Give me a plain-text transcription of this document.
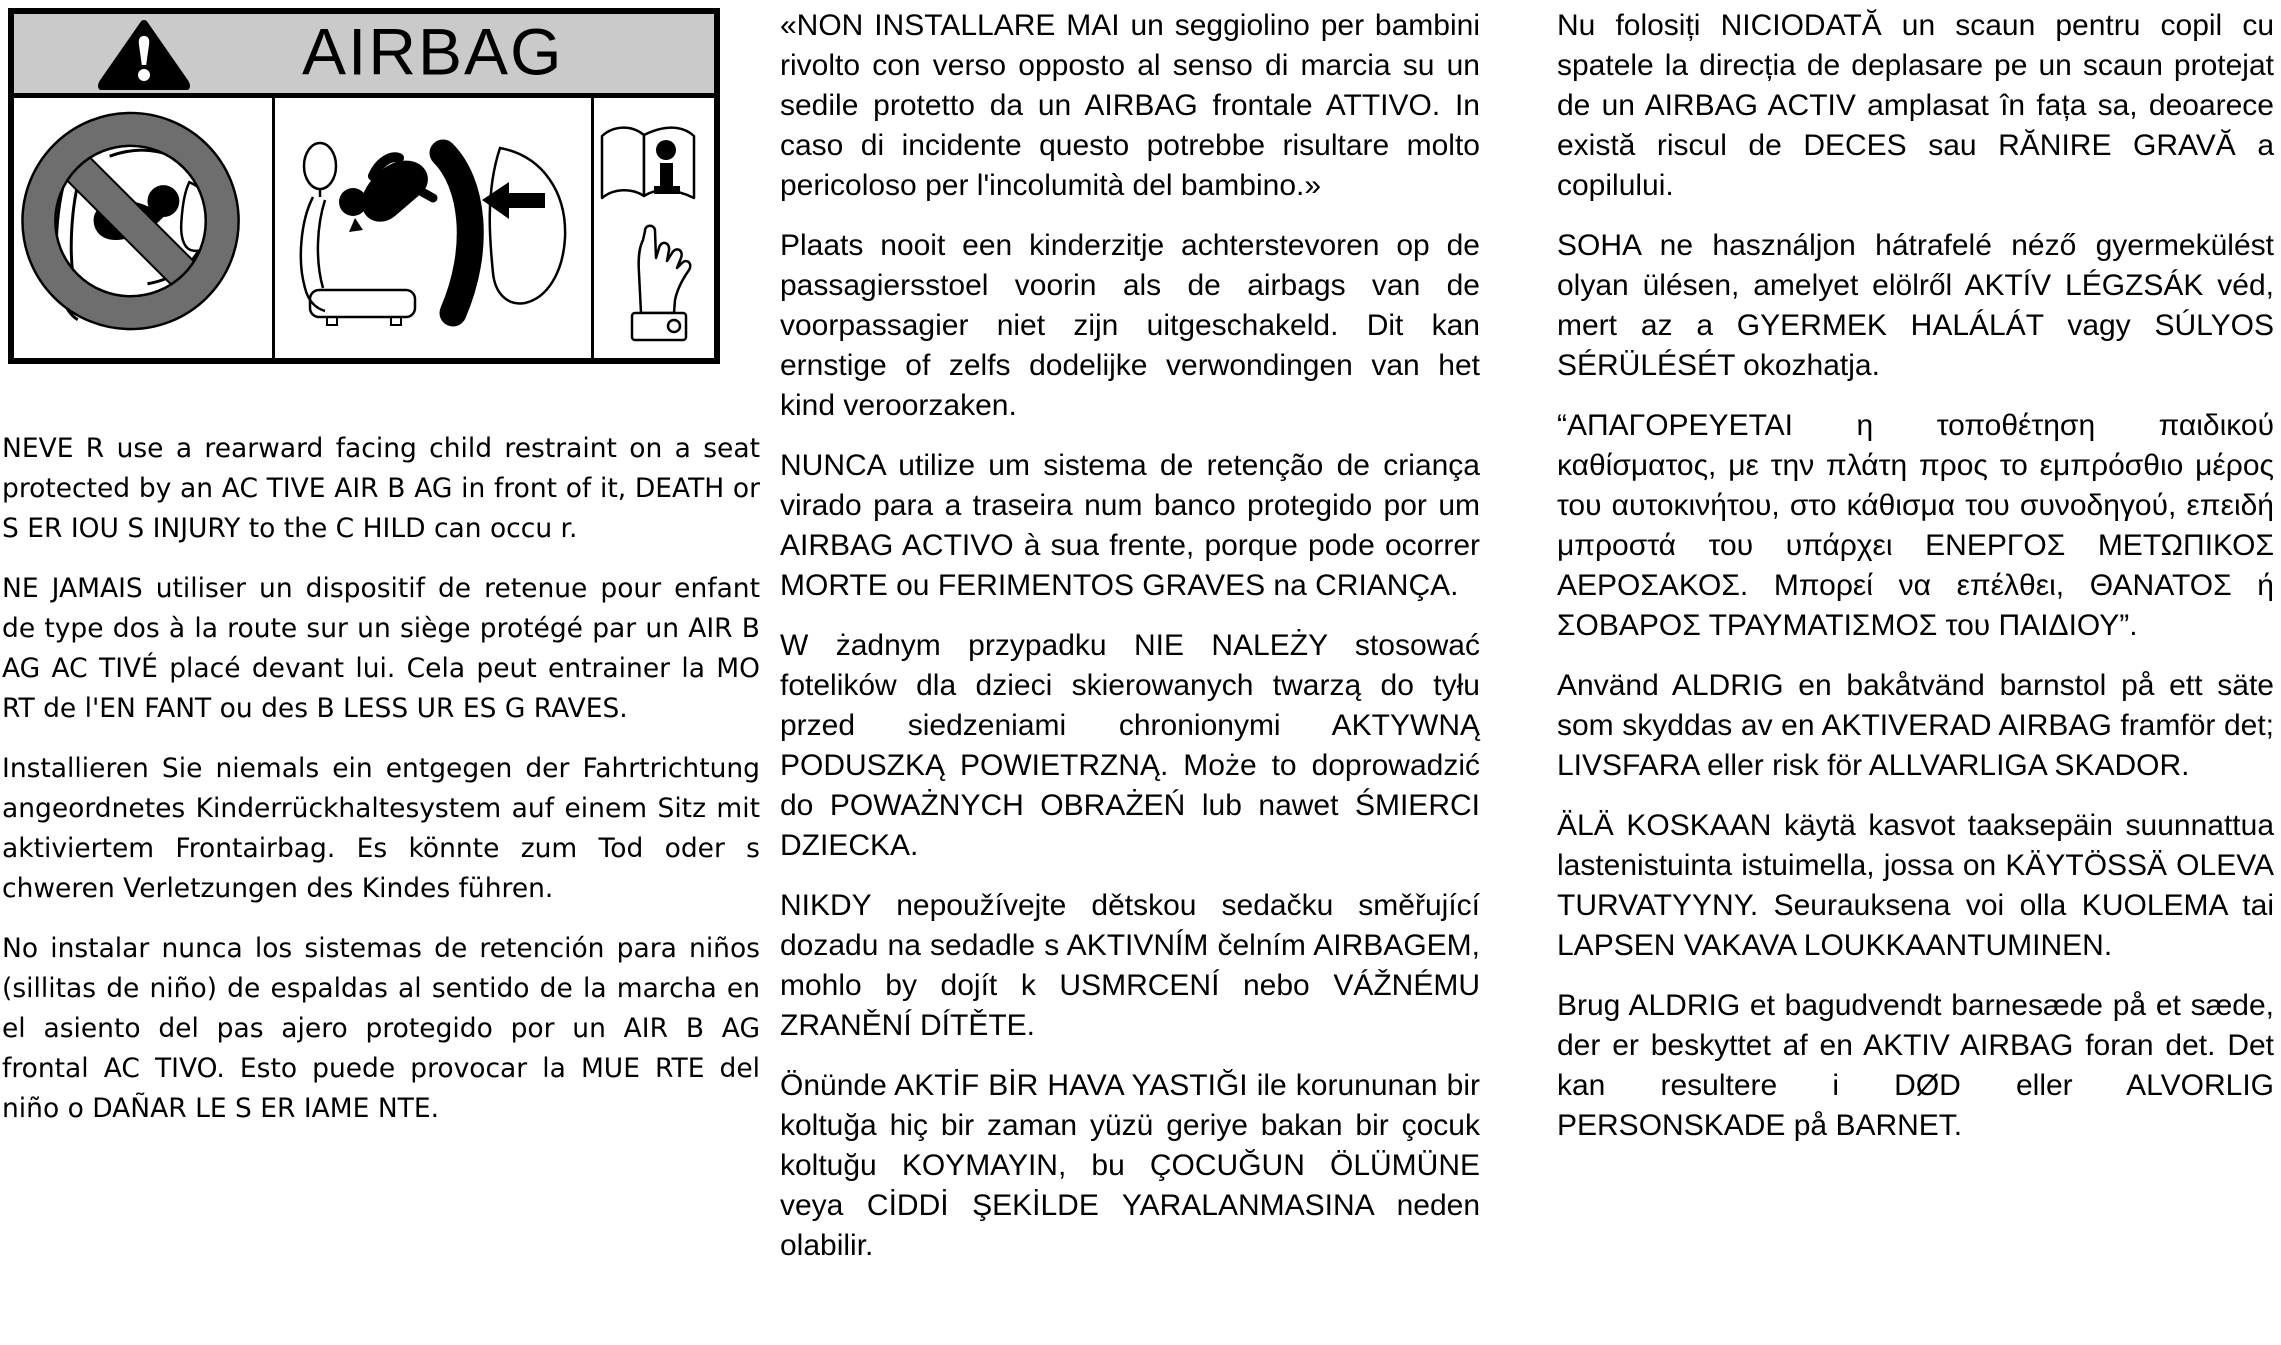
AIRBAG

NEVE R use a rearward facing child restraint on a seat protected by an AC TIVE AIR B AG in front of it, DEATH or S ER IOU S INJURY to the C HILD can occu r.

NE JAMAIS utiliser un dispositif de retenue pour enfant de type dos à la route sur un siège protégé par un AIR B AG AC TIVÉ placé devant lui. Cela peut entrainer la MO RT de l'EN FANT ou des B LESS UR ES G RAVES.

Installieren Sie niemals ein entgegen der Fahrtrichtung angeordnetes Kinderrückhaltesystem auf einem Sitz mit aktiviertem Frontairbag. Es könnte zum Tod oder s chweren Verletzungen des Kindes führen.

No instalar nunca los sistemas de retención para niños (sillitas de niño) de espaldas al sentido de la marcha en el asiento del pas ajero protegido por un AIR B AG frontal AC TIVO. Esto puede provocar la MUE RTE del niño o DAÑAR LE S ER IAME NTE.

«NON INSTALLARE MAI un seggiolino per bambini rivolto con verso opposto al senso di marcia su un sedile protetto da un AIRBAG frontale ATTIVO. In caso di incidente questo potrebbe risultare molto pericoloso per l'incolumità del bambino.»

Plaats nooit een kinderzitje achterstevoren op de passagiersstoel voorin als de airbags van de voorpassagier niet zijn uitgeschakeld. Dit kan ernstige of zelfs dodelijke verwondingen van het kind veroorzaken.

NUNCA utilize um sistema de retenção de criança virado para a traseira num banco protegido por um AIRBAG ACTIVO à sua frente, porque pode ocorrer MORTE ou FERIMENTOS GRAVES na CRIANÇA.

W żadnym przypadku NIE NALEŻY stosować fotelików dla dzieci skierowanych twarzą do tyłu przed siedzeniami chronionymi AKTYWNĄ PODUSZKĄ POWIETRZNĄ. Może to doprowadzić do POWAŻNYCH OBRAŻEŃ lub nawet ŚMIERCI DZIECKA.

NIKDY nepoužívejte dětskou sedačku směřující dozadu na sedadle s AKTIVNÍM čelním AIRBAGEM, mohlo by dojít k USMRCENÍ nebo VÁŽNÉMU ZRANĚNÍ DÍTĚTE.

Önünde AKTİF BİR HAVA YASTIĞI ile korununan bir koltuğa hiç bir zaman yüzü geriye bakan bir çocuk koltuğu KOYMAYIN, bu ÇOCUĞUN ÖLÜMÜNE veya CİDDİ ŞEKİLDE YARALANMASINA neden olabilir.

Nu folosiți NICIODATĂ un scaun pentru copil cu spatele la direcția de deplasare pe un scaun protejat de un AIRBAG ACTIV amplasat în fața sa, deoarece există riscul de DECES sau RĂNIRE GRAVĂ a copilului.

SOHA ne használjon hátrafelé néző gyermekülést olyan ülésen, amelyet elölről AKTÍV LÉGZSÁK véd, mert az a GYERMEK HALÁLÁT vagy SÚLYOS SÉRÜLÉSÉT okozhatja.

“ΑΠΑΓΟΡΕΥΕΤΑΙ η τοποθέτηση παιδικού καθίσματος, με την πλάτη προς το εμπρόσθιο μέρος του αυτοκινήτου, στο κάθισμα του συνοδηγού, επειδή μπροστά του υπάρχει ΕΝΕΡΓΟΣ ΜΕΤΩΠΙΚΟΣ ΑΕΡΟΣΑΚΟΣ. Μπορεί να επέλθει, ΘΑΝΑΤΟΣ ή ΣΟΒΑΡΟΣ ΤΡΑΥΜΑΤΙΣΜΟΣ του ΠΑΙΔΙΟΥ”.

Använd ALDRIG en bakåtvänd barnstol på ett säte som skyddas av en AKTIVERAD AIRBAG framför det; LIVSFARA eller risk för ALLVARLIGA SKADOR.

ÄLÄ KOSKAAN käytä kasvot taaksepäin suunnattua lastenistuinta istuimella, jossa on KÄYTÖSSÄ OLEVA TURVATYYNY. Seurauksena voi olla KUOLEMA tai LAPSEN VAKAVA LOUKKAANTUMINEN.

Brug ALDRIG et bagudvendt barnesæde på et sæde, der er beskyttet af en AKTIV AIRBAG foran det. Det kan resultere i DØD eller ALVORLIG PERSONSKADE på BARNET.
